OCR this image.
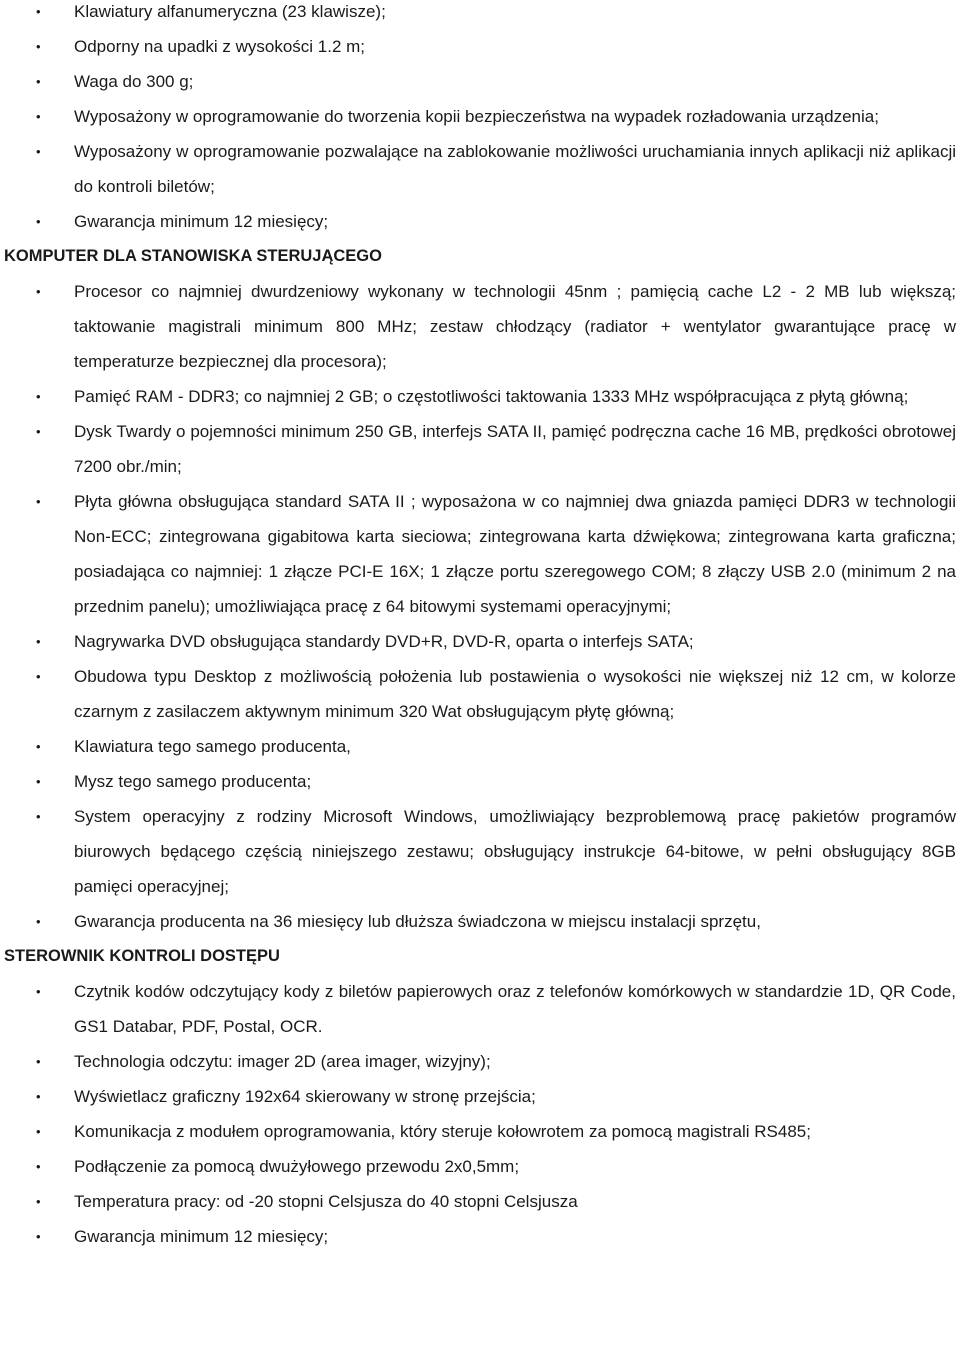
•	Klawiatury alfanumeryczna (23 klawisze);
•	Odporny na upadki z wysokości 1.2 m;
•	Waga do 300 g;
•	Wyposażony w oprogramowanie do tworzenia kopii bezpieczeństwa na wypadek rozładowania urządzenia;
•	Wyposażony w oprogramowanie pozwalające na zablokowanie możliwości uruchamiania innych aplikacji niż aplikacji do kontroli biletów;
•	Gwarancja minimum 12 miesięcy;
KOMPUTER DLA STANOWISKA STERUJĄCEGO
•	Procesor co najmniej dwurdzeniowy wykonany w technologii 45nm ; pamięcią cache L2 - 2 MB lub większą; taktowanie magistrali minimum 800 MHz; zestaw chłodzący (radiator + wentylator gwarantujące pracę w temperaturze bezpiecznej dla procesora);
•	Pamięć RAM - DDR3; co najmniej 2 GB; o częstotliwości taktowania 1333 MHz współpracująca z płytą główną;
•	Dysk Twardy o pojemności minimum 250 GB, interfejs SATA II, pamięć podręczna cache 16 MB, prędkości obrotowej 7200 obr./min;
•	Płyta główna obsługująca standard SATA II ; wyposażona w co najmniej dwa gniazda pamięci DDR3 w technologii Non-ECC; zintegrowana gigabitowa karta sieciowa; zintegrowana karta dźwiękowa; zintegrowana karta graficzna; posiadająca co najmniej: 1 złącze PCI-E 16X; 1 złącze portu szeregowego COM; 8 złączy USB 2.0 (minimum 2 na przednim panelu); umożliwiająca pracę z 64 bitowymi systemami operacyjnymi;
•	Nagrywarka DVD obsługująca standardy DVD+R, DVD-R, oparta o interfejs SATA;
•	Obudowa typu Desktop z możliwością położenia lub postawienia o wysokości nie większej niż 12 cm, w kolorze czarnym z zasilaczem aktywnym minimum 320 Wat obsługującym płytę główną;
•	Klawiatura tego samego producenta,
•	Mysz tego samego producenta;
•	System operacyjny z rodziny Microsoft Windows, umożliwiający bezproblemową pracę pakietów programów biurowych będącego częścią niniejszego zestawu; obsługujący instrukcje 64-bitowe, w pełni obsługujący 8GB pamięci operacyjnej;
•	Gwarancja producenta na 36 miesięcy lub dłuższa świadczona w miejscu instalacji sprzętu,
STEROWNIK KONTROLI DOSTĘPU
•	Czytnik kodów odczytujący kody z biletów papierowych oraz z telefonów komórkowych w standardzie 1D, QR Code, GS1 Databar, PDF, Postal, OCR.
•	Technologia odczytu: imager 2D (area imager, wizyjny);
•	Wyświetlacz graficzny 192x64 skierowany w stronę przejścia;
•	Komunikacja z modułem oprogramowania, który steruje kołowrotem za pomocą magistrali RS485;
•	Podłączenie za pomocą dwużyłowego przewodu 2x0,5mm;
•	Temperatura pracy: od -20 stopni Celsjusza do 40 stopni Celsjusza
•	Gwarancja minimum 12 miesięcy;
